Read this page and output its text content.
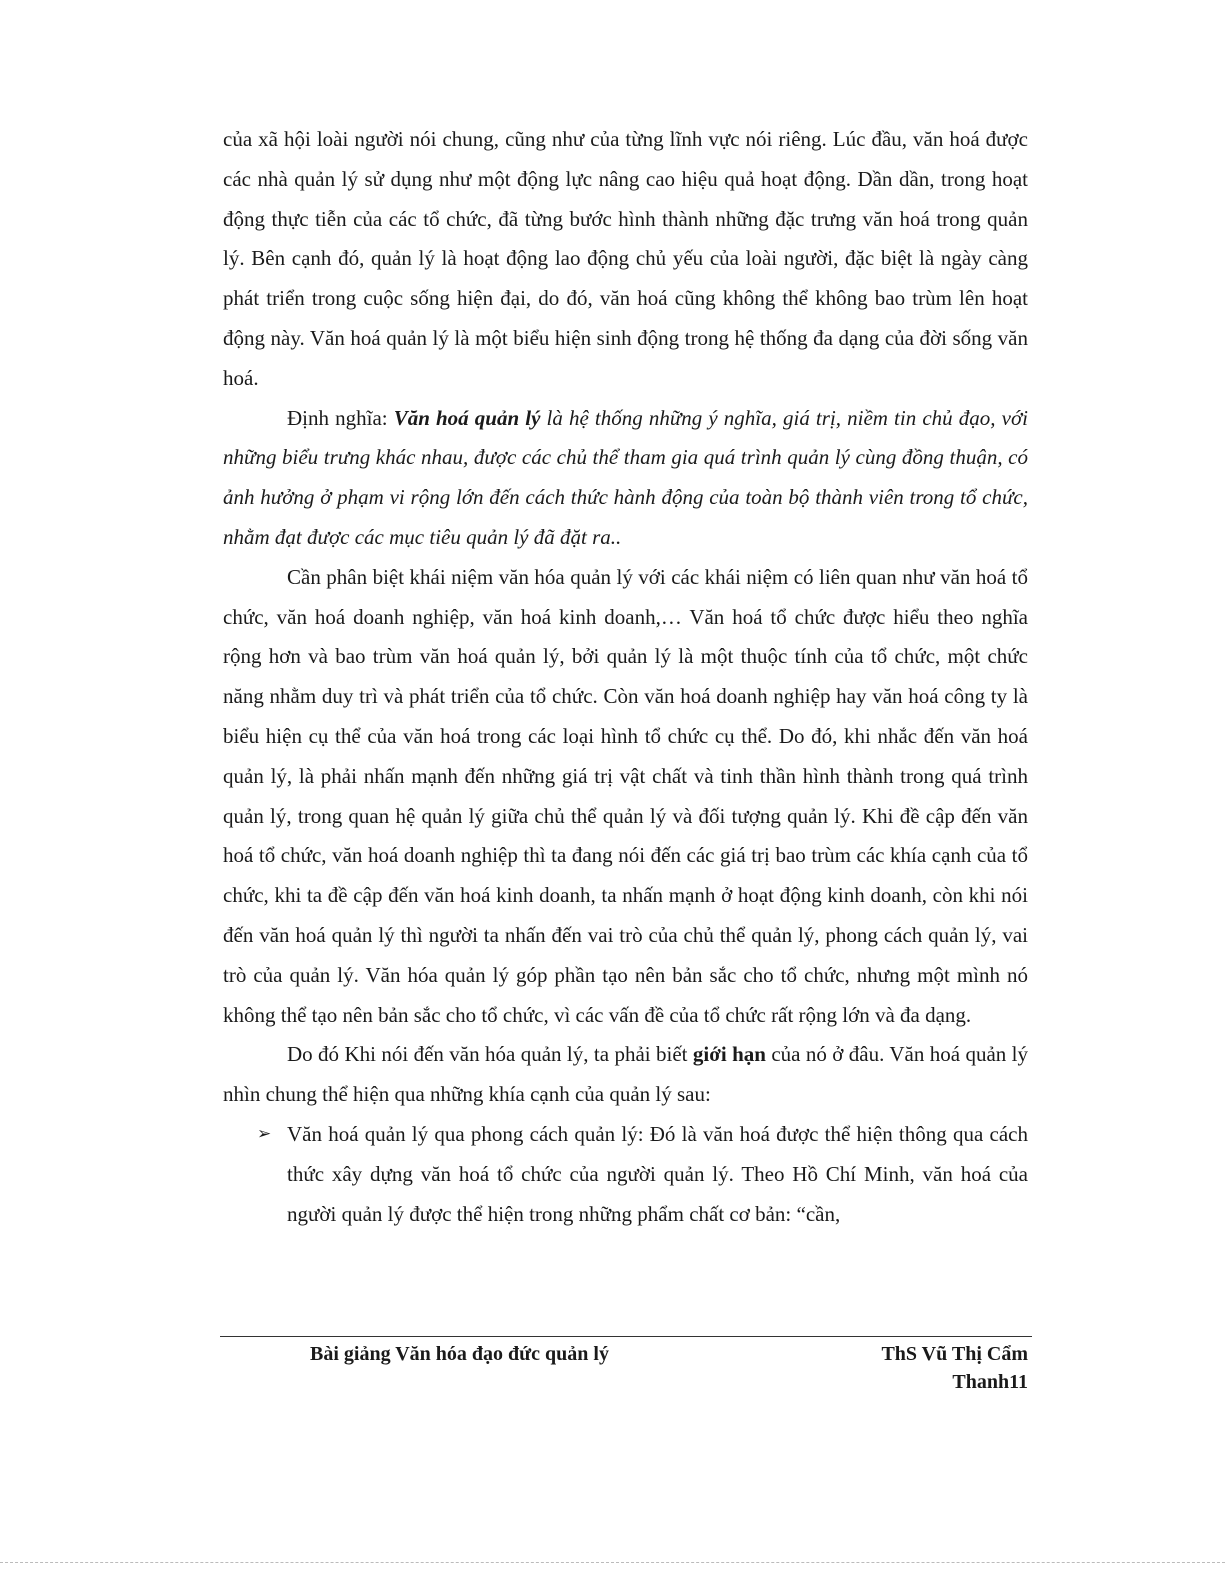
của xã hội loài người nói chung, cũng như của từng lĩnh vực nói riêng. Lúc đầu, văn hoá được các nhà quản lý sử dụng như một động lực nâng cao hiệu quả hoạt động. Dần dần, trong hoạt động thực tiễn của các tổ chức, đã từng bước hình thành những đặc trưng văn hoá trong quản lý. Bên cạnh đó, quản lý là hoạt động lao động chủ yếu của loài người, đặc biệt là ngày càng phát triển trong cuộc sống hiện đại, do đó, văn hoá cũng không thể không bao trùm lên hoạt động này. Văn hoá quản lý là một biểu hiện sinh động trong hệ thống đa dạng của đời sống văn hoá.

Định nghĩa: Văn hoá quản lý là hệ thống những ý nghĩa, giá trị, niềm tin chủ đạo, với những biểu trưng khác nhau, được các chủ thể tham gia quá trình quản lý cùng đồng thuận, có ảnh hưởng ở phạm vi rộng lớn đến cách thức hành động của toàn bộ thành viên trong tổ chức, nhằm đạt được các mục tiêu quản lý đã đặt ra..

Cần phân biệt khái niệm văn hóa quản lý với các khái niệm có liên quan như văn hoá tổ chức, văn hoá doanh nghiệp, văn hoá kinh doanh,… Văn hoá tổ chức được hiểu theo nghĩa rộng hơn và bao trùm văn hoá quản lý, bởi quản lý là một thuộc tính của tổ chức, một chức năng nhằm duy trì và phát triển của tổ chức. Còn văn hoá doanh nghiệp hay văn hoá công ty là biểu hiện cụ thể của văn hoá trong các loại hình tổ chức cụ thể. Do đó, khi nhắc đến văn hoá quản lý, là phải nhấn mạnh đến những giá trị vật chất và tinh thần hình thành trong quá trình quản lý, trong quan hệ quản lý giữa chủ thể quản lý và đối tượng quản lý. Khi đề cập đến văn hoá tổ chức, văn hoá doanh nghiệp thì ta đang nói đến các giá trị bao trùm các khía cạnh của tổ chức, khi ta đề cập đến văn hoá kinh doanh, ta nhấn mạnh ở hoạt động kinh doanh, còn khi nói đến văn hoá quản lý thì người ta nhấn đến vai trò của chủ thể quản lý, phong cách quản lý, vai trò của quản lý. Văn hóa quản lý góp phần tạo nên bản sắc cho tổ chức, nhưng một mình nó không thể tạo nên bản sắc cho tổ chức, vì các vấn đề của tổ chức rất rộng lớn và đa dạng.

Do đó Khi nói đến văn hóa quản lý, ta phải biết giới hạn của nó ở đâu. Văn hoá quản lý nhìn chung thể hiện qua những khía cạnh của quản lý sau:

➢ Văn hoá quản lý qua phong cách quản lý: Đó là văn hoá được thể hiện thông qua cách thức xây dựng văn hoá tổ chức của người quản lý. Theo Hồ Chí Minh, văn hoá của người quản lý được thể hiện trong những phẩm chất cơ bản: “cần,
Bài giảng Văn hóa đạo đức quản lý	ThS Vũ Thị Cẩm
Thanh11
